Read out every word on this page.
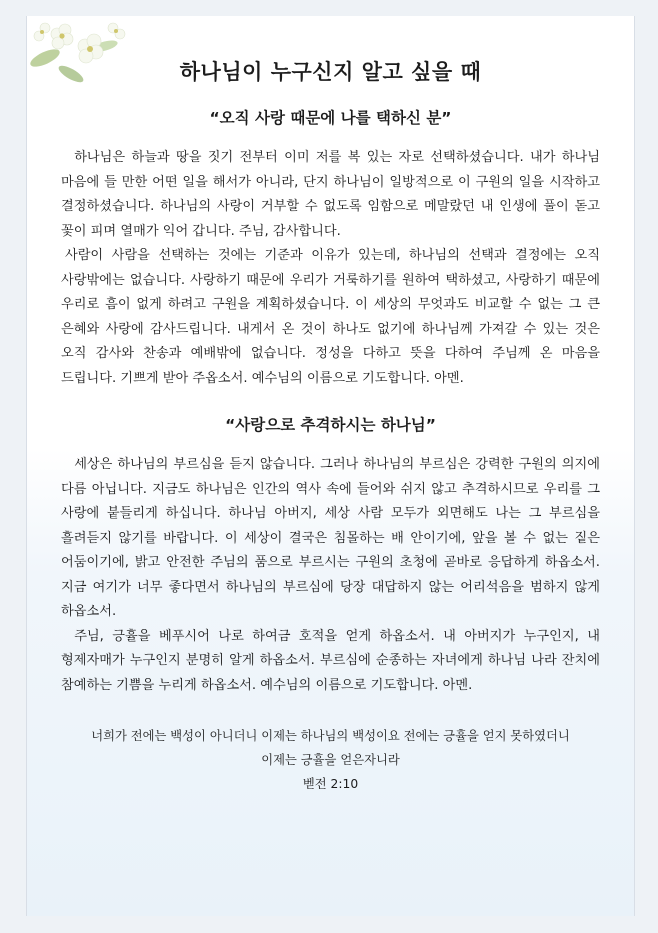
하나님이 누구신지 알고 싶을 때
“오직 사랑 때문에 나를 택하신 분”

하나님은 하늘과 땅을 짓기 전부터 이미 저를 복 있는 자로 선택하셨습니다. 내가 하나님 마음에 들 만한 어떤 일을 해서가 아니라, 단지 하나님이 일방적으로 이 구원의 일을 시작하고 결정하셨습니다. 하나님의 사랑이 거부할 수 없도록 임함으로 메말랐던 내 인생에 풀이 돋고 꽃이 피며 열매가 익어 갑니다. 주님, 감사합니다.

사람이 사람을 선택하는 것에는 기준과 이유가 있는데, 하나님의 선택과 결정에는 오직 사랑밖에는 없습니다. 사랑하기 때문에 우리가 거룩하기를 원하여 택하셨고, 사랑하기 때문에 우리로 흠이 없게 하려고 구원을 계획하셨습니다. 이 세상의 무엇과도 비교할 수 없는 그 큰 은혜와 사랑에 감사드립니다. 내게서 온 것이 하나도 없기에 하나님께 가져갈 수 있는 것은 오직 감사와 찬송과 예배밖에 없습니다. 정성을 다하고 뜻을 다하여 주님께 온 마음을 드립니다. 기쁘게 받아 주옵소서. 예수님의 이름으로 기도합니다. 아멘.

“사랑으로 추격하시는 하나님”

세상은 하나님의 부르심을 듣지 않습니다. 그러나 하나님의 부르심은 강력한 구원의 의지에 다름 아닙니다. 지금도 하나님은 인간의 역사 속에 들어와 쉬지 않고 추격하시므로 우리를 그 사랑에 붙들리게 하십니다. 하나님 아버지, 세상 사람 모두가 외면해도 나는 그 부르심을 흘려듣지 않기를 바랍니다. 이 세상이 결국은 침몰하는 배 안이기에, 앞을 볼 수 없는 짙은 어둠이기에, 밝고 안전한 주님의 품으로 부르시는 구원의 초청에 곧바로 응답하게 하옵소서. 지금 여기가 너무 좋다면서 하나님의 부르심에 당장 대답하지 않는 어리석음을 범하지 않게 하옵소서.

주님, 긍휼을 베푸시어 나로 하여금 호적을 얻게 하옵소서. 내 아버지가 누구인지, 내 형제자매가 누구인지 분명히 알게 하옵소서. 부르심에 순종하는 자녀에게 하나님 나라 잔치에 참예하는 기쁨을 누리게 하옵소서. 예수님의 이름으로 기도합니다. 아멘.

너희가 전에는 백성이 아니더니 이제는 하나님의 백성이요 전에는 긍휼을 얻지 못하였더니
이제는 긍휼을 얻은자니라
벧전 2:10
